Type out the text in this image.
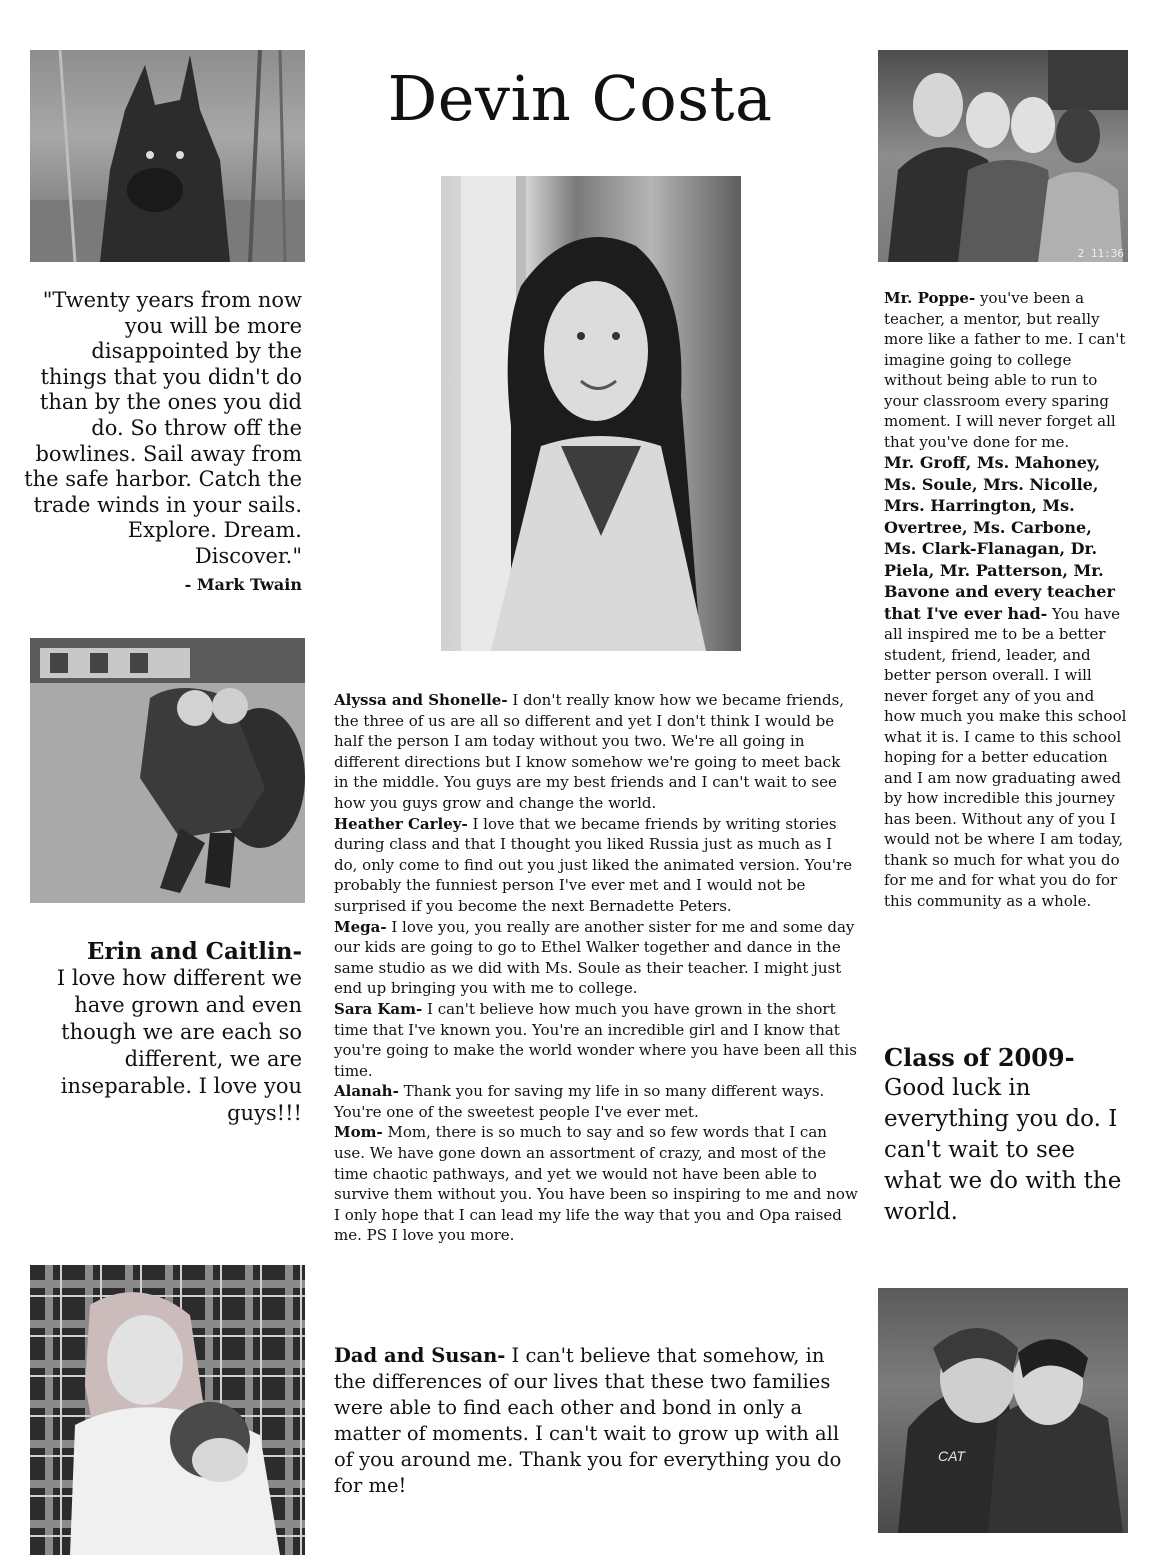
Devin Costa
"Twenty years from now you will be more disappointed by the things that you didn't do than by the ones you did do. So throw off the bowlines. Sail away from the safe harbor. Catch the trade winds in your sails. Explore. Dream. Discover."
- Mark Twain
Erin and Caitlin-
I love how different we have grown and even though we are each so different, we are inseparable. I love you guys!!!

Alyssa and Shonelle- I don't really know how we became friends, the three of us are all so different and yet I don't think I would be half the person I am today without you two. We're all going in different directions but I know somehow we're going to meet back in the middle. You guys are my best friends and I can't wait to see how you guys grow and change the world.

Heather Carley- I love that we became friends by writing stories during class and that I thought you liked Russia just as much as I do, only come to find out you just liked the animated version. You're probably the funniest person I've ever met and I would not be surprised if you become the next Bernadette Peters.

Mega- I love you, you really are another sister for me and some day our kids are going to go to Ethel Walker together and dance in the same studio as we did with Ms. Soule as their teacher. I might just end up bringing you with me to college.

Sara Kam- I can't believe how much you have grown in the short time that I've known you. You're an incredible girl and I know that you're going to make the world wonder where you have been all this time.

Alanah- Thank you for saving my life in so many different ways. You're one of the sweetest people I've ever met.

Mom- Mom, there is so much to say and so few words that I can use. We have gone down an assortment of crazy, and most of the time chaotic pathways, and yet we would not have been able to survive them without you. You have been so inspiring to me and now I only hope that I can lead my life the way that you and Opa raised me. PS I love you more.

Dad and Susan- I can't believe that somehow, in the differences of our lives that these two families were able to find each other and bond in only a matter of moments. I can't wait to grow up with all of you around me. Thank you for everything you do for me!
2 11:36

Mr. Poppe- you've been a teacher, a mentor, but really more like a father to me. I can't imagine going to college without being able to run to your classroom every sparing moment. I will never forget all that you've done for me.

Mr. Groff, Ms. Mahoney, Ms. Soule, Mrs. Nicolle, Mrs. Harrington, Ms. Overtree, Ms. Carbone, Ms. Clark-Flanagan, Dr. Piela, Mr. Patterson, Mr. Bavone and every teacher that I've ever had- You have all inspired me to be a better student, friend, leader, and better person overall. I will never forget any of you and how much you make this school what it is. I came to this school hoping for a better education and I am now graduating awed by how incredible this journey has been. Without any of you I would not be where I am today, thank so much for what you do for me and for what you do for this community as a whole.

Class of 2009-
Good luck in everything you do. I can't wait to see what we do with the world.
CAT
